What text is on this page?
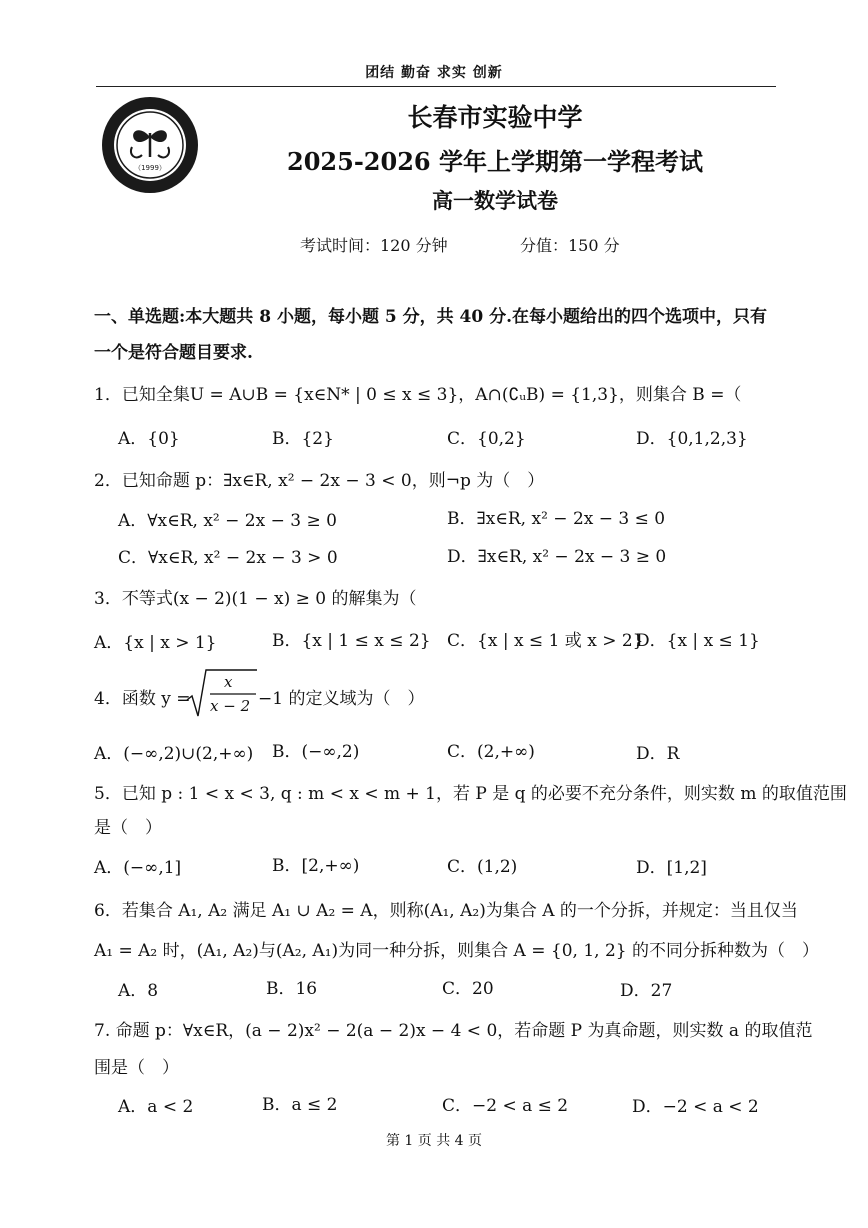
团结 勤奋 求实 创新
（1999）
长春市实验中学
2025-2026 学年上学期第一学程考试
高一数学试卷
考试时间：120 分钟	分值：150 分
一、单选题:本大题共 8 小题，每小题 5 分，共 40 分.在每小题给出的四个选项中，只有一个是符合题目要求.
1．已知全集U = A∪B = {x∈N* | 0 ≤ x ≤ 3}，A∩(∁ᵤB) = {1,3}，则集合 B =（
A．{0}	B．{2}	C．{0,2}	D．{0,1,2,3}
2．已知命题 p：∃x∈R, x² − 2x − 3 < 0，则¬p 为（　）
A．∀x∈R, x² − 2x − 3 ≥ 0	B．∃x∈R, x² − 2x − 3 ≤ 0
C．∀x∈R, x² − 2x − 3 > 0	D．∃x∈R, x² − 2x − 3 ≥ 0
3．不等式(x − 2)(1 − x) ≥ 0 的解集为（
A．{x | x > 1}	B．{x | 1 ≤ x ≤ 2} C．{x | x ≤ 1 或 x > 2}
D．{x | x ≤ 1}
4．函数 y =
x
x − 2 −1 的定义域为（　）
A．(−∞,2)∪(2,+∞) B．(−∞,2)	C．(2,+∞)	D．R
5．已知 p : 1 < x < 3, q : m < x < m + 1，若 P 是 q 的必要不充分条件，则实数 m 的取值范围
是（　）
A．(−∞,1]	B．[2,+∞)	C．(1,2)	D．[1,2]
6．若集合 A₁, A₂ 满足 A₁ ∪ A₂ = A，则称(A₁, A₂)为集合 A 的一个分拆，并规定：当且仅当
A₁ = A₂ 时，(A₁, A₂)与(A₂, A₁)为同一种分拆，则集合 A = {0, 1, 2} 的不同分拆种数为（　）
A．8	B．16	C．20	D．27
7. 命题 p：∀x∈R，(a − 2)x² − 2(a − 2)x − 4 < 0，若命题 P 为真命题，则实数 a 的取值范
围是（　）
A．a < 2	B．a ≤ 2	C．−2 < a ≤ 2	D．−2 < a < 2
第 1 页 共 4 页
